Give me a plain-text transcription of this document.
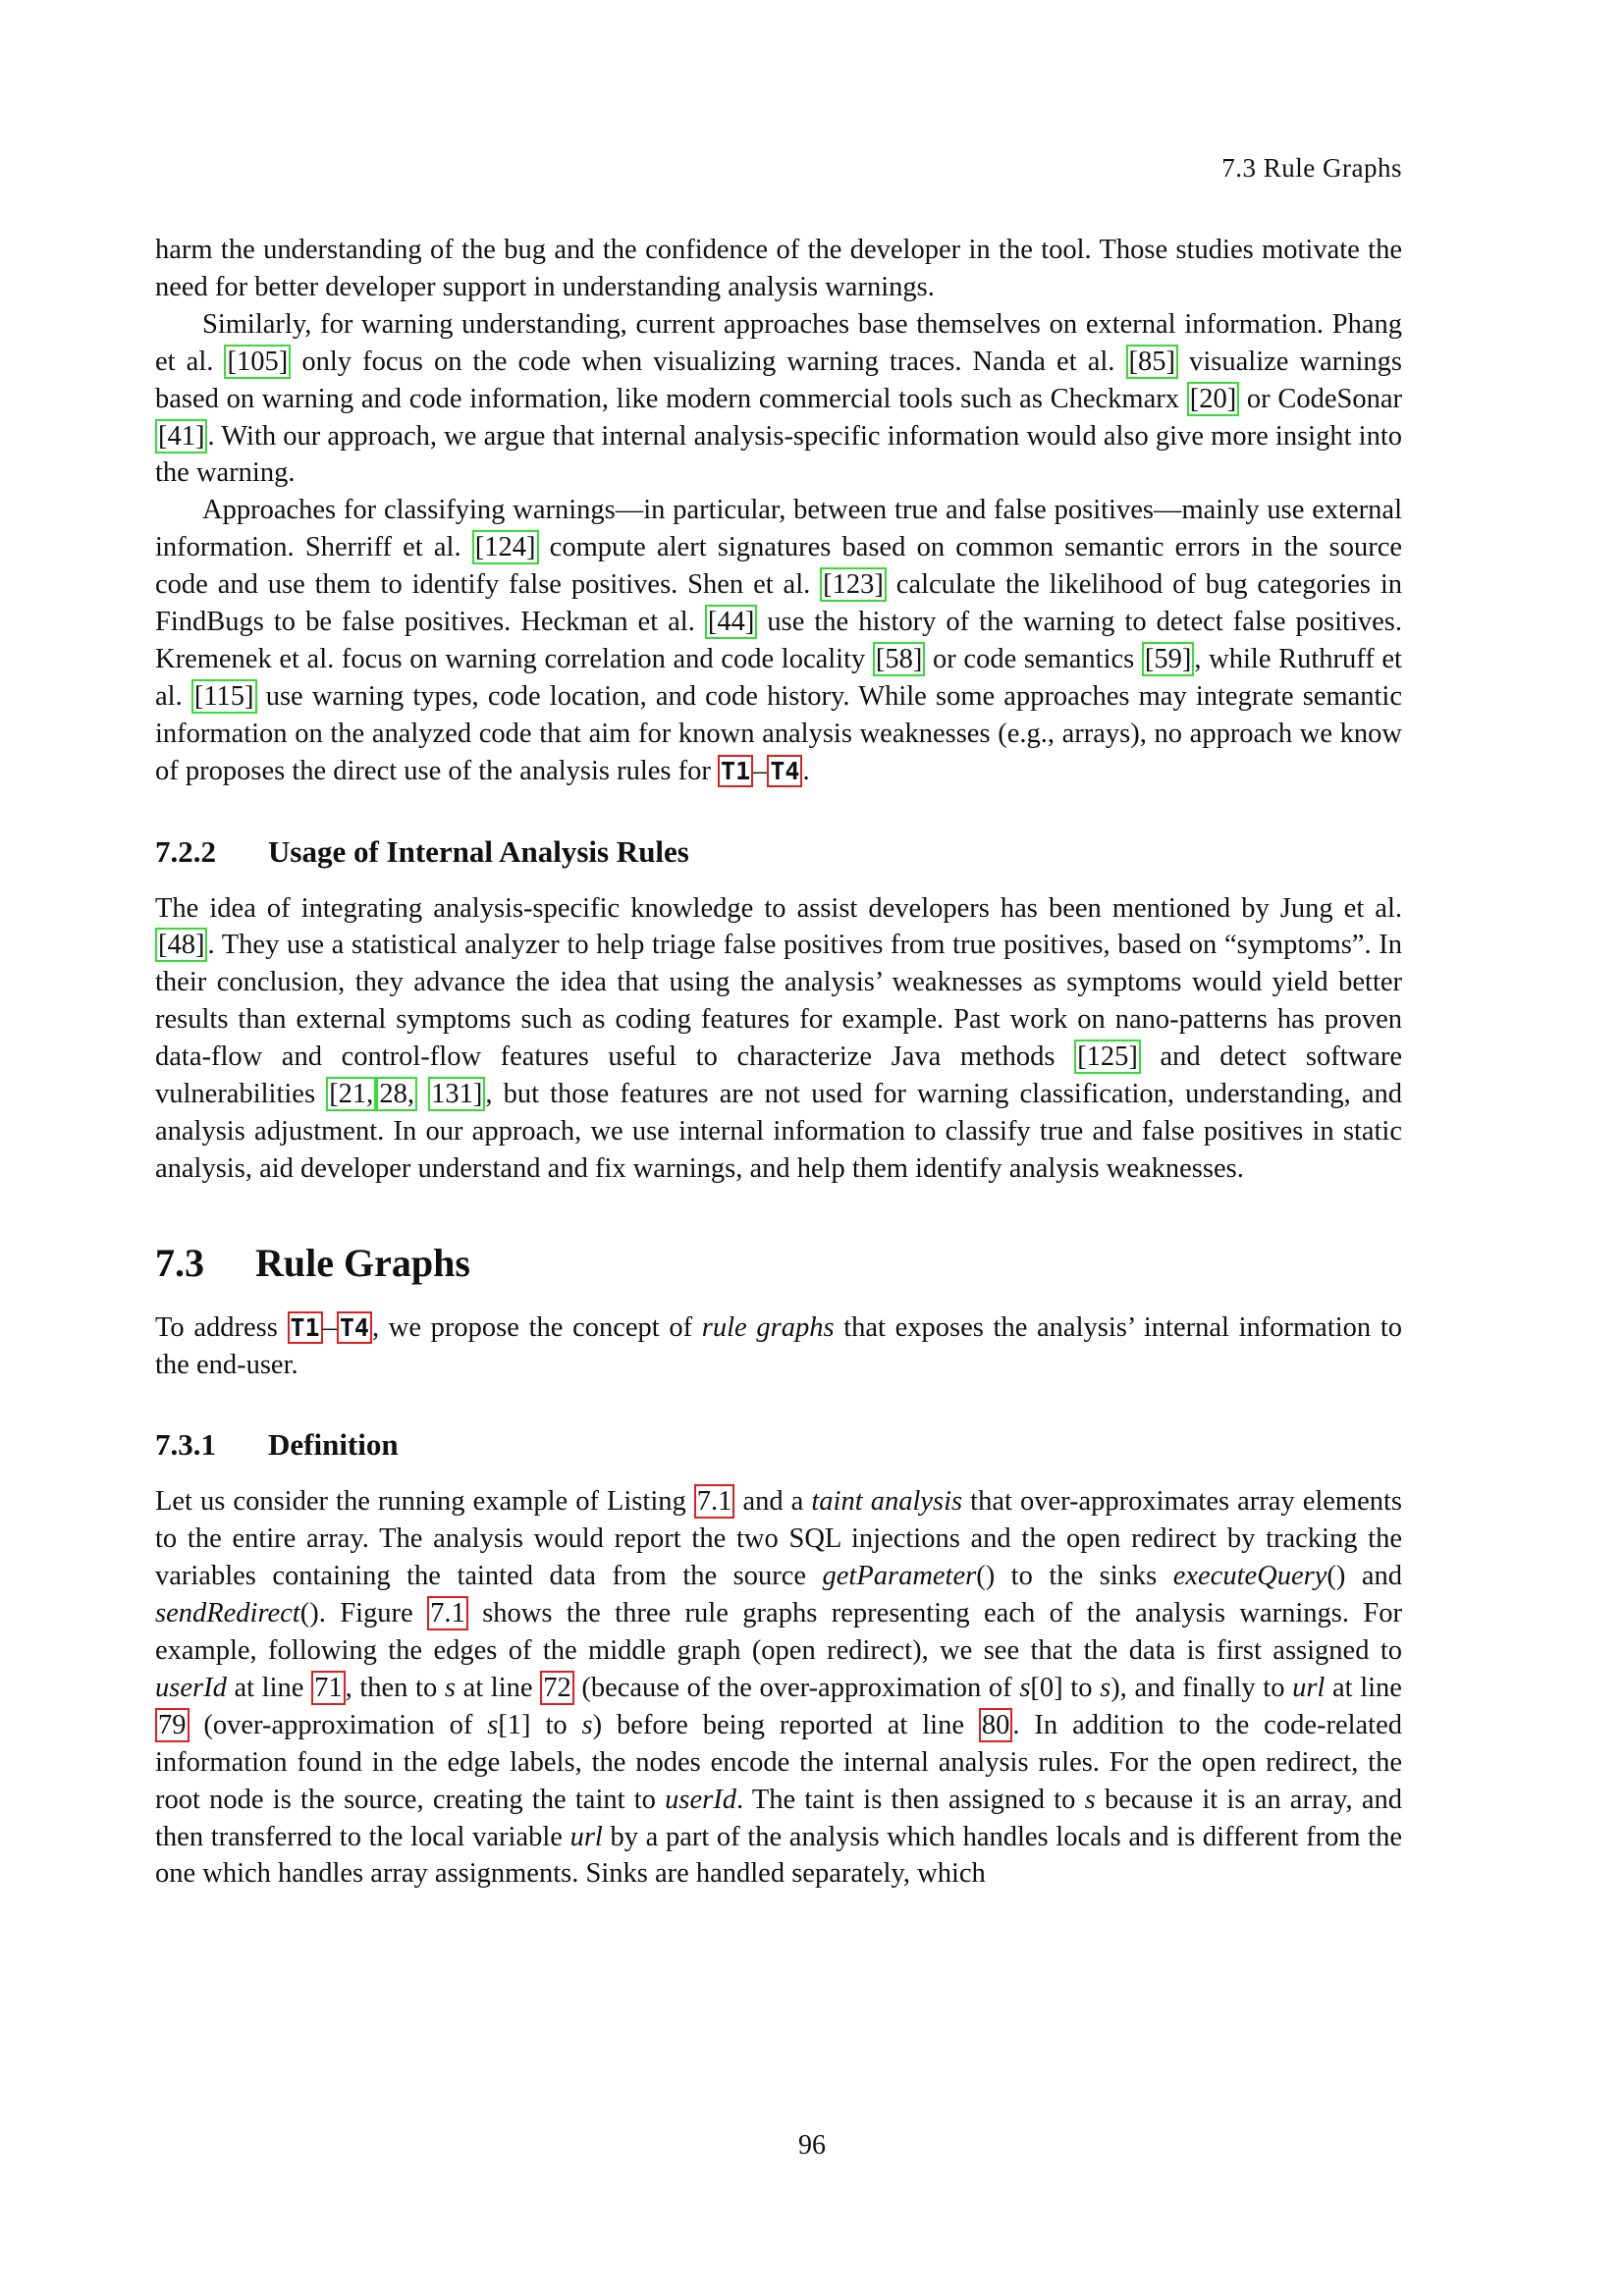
7.3 Rule Graphs

harm the understanding of the bug and the confidence of the developer in the tool. Those studies motivate the need for better developer support in understanding analysis warnings.

Similarly, for warning understanding, current approaches base themselves on external information. Phang et al. [105] only focus on the code when visualizing warning traces. Nanda et al. [85] visualize warnings based on warning and code information, like modern commercial tools such as Checkmarx [20] or CodeSonar [41] . With our approach, we argue that internal analysis-specific information would also give more insight into the warning.

Approaches for classifying warnings—in particular, between true and false positives—mainly use external information. Sherriff et al. [124] compute alert signatures based on common semantic errors in the source code and use them to identify false positives. Shen et al. [123] calculate the likelihood of bug categories in FindBugs to be false positives. Heckman et al. [44] use the history of the warning to detect false positives. Kremenek et al. focus on warning correlation and code locality [58] or code semantics [59] , while Ruthruff et al. [115] use warning types, code location, and code history. While some approaches may integrate semantic information on the analyzed code that aim for known analysis weaknesses (e.g., arrays), no approach we know of proposes the direct use of the analysis rules for T1 – T4 .

7.2.2 Usage of Internal Analysis Rules

The idea of integrating analysis-specific knowledge to assist developers has been mentioned by Jung et al. [48] . They use a statistical analyzer to help triage false positives from true positives, based on “symptoms”. In their conclusion, they advance the idea that using the analysis’ weaknesses as symptoms would yield better results than external symptoms such as coding features for example. Past work on nano-patterns has proven data-flow and control-flow features useful to characterize Java methods [125] and detect software vulnerabilities [21, 28, 131] , but those features are not used for warning classification, understanding, and analysis adjustment. In our approach, we use internal information to classify true and false positives in static analysis, aid developer understand and fix warnings, and help them identify analysis weaknesses.

7.3 Rule Graphs

To address T1 – T4 , we propose the concept of rule graphs that exposes the analysis’ internal information to the end-user.

7.3.1 Definition

Let us consider the running example of Listing 7.1 and a taint analysis that over-approximates array elements to the entire array. The analysis would report the two SQL injections and the open redirect by tracking the variables containing the tainted data from the source getParameter() to the sinks executeQuery() and sendRedirect(). Figure 7.1 shows the three rule graphs representing each of the analysis warnings. For example, following the edges of the middle graph (open redirect), we see that the data is first assigned to userId at line 71 , then to s at line 72 (because of the over-approximation of s[0] to s), and finally to url at line 79 (over-approximation of s[1] to s) before being reported at line 80 . In addition to the code-related information found in the edge labels, the nodes encode the internal analysis rules. For the open redirect, the root node is the source, creating the taint to userId. The taint is then assigned to s because it is an array, and then transferred to the local variable url by a part of the analysis which handles locals and is different from the one which handles array assignments. Sinks are handled separately, which

96
